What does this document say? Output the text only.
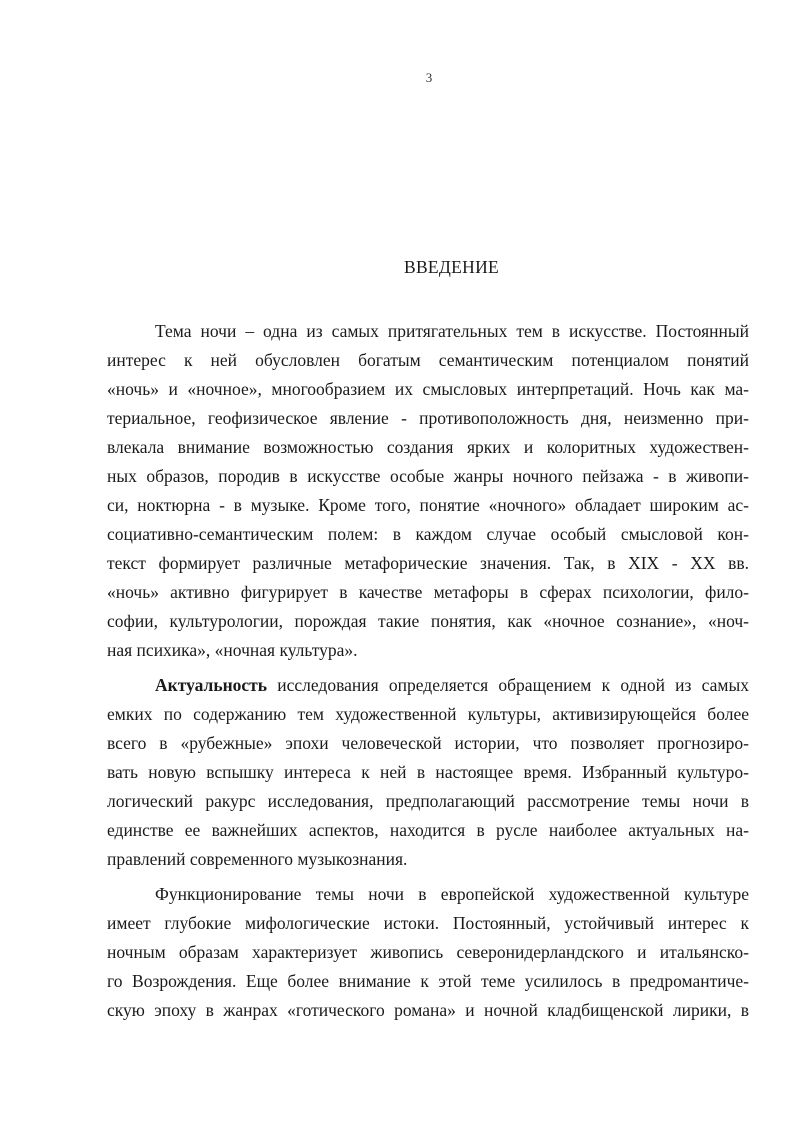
3
ВВЕДЕНИЕ
Тема ночи – одна из самых притягательных тем в искусстве. Постоянный
интерес к ней обусловлен богатым семантическим потенциалом понятий
«ночь» и «ночное», многообразием их смысловых интерпретаций. Ночь как ма-
териальное, геофизическое явление - противоположность дня, неизменно при-
влекала внимание возможностью создания ярких и колоритных художествен-
ных образов, породив в искусстве особые жанры ночного пейзажа - в живопи-
си, ноктюрна - в музыке. Кроме того, понятие «ночного» обладает широким ас-
социативно-семантическим полем: в каждом случае особый смысловой кон-
текст формирует различные метафорические значения. Так, в XIX - XX вв.
«ночь» активно фигурирует в качестве метафоры в сферах психологии, фило-
софии, культурологии, порождая такие понятия, как «ночное сознание», «ноч-
ная психика», «ночная культура».
Актуальность исследования определяется обращением к одной из самых
емких по содержанию тем художественной культуры, активизирующейся более
всего в «рубежные» эпохи человеческой истории, что позволяет прогнозиро-
вать новую вспышку интереса к ней в настоящее время. Избранный культуро-
логический ракурс исследования, предполагающий рассмотрение темы ночи в
единстве ее важнейших аспектов, находится в русле наиболее актуальных на-
правлений современного музыкознания.
Функционирование темы ночи в европейской художественной культуре
имеет глубокие мифологические истоки. Постоянный, устойчивый интерес к
ночным образам характеризует живопись северонидерландского и итальянско-
го Возрождения. Еще более внимание к этой теме усилилось в предромантиче-
скую эпоху в жанрах «готического романа» и ночной кладбищенской лирики, в
